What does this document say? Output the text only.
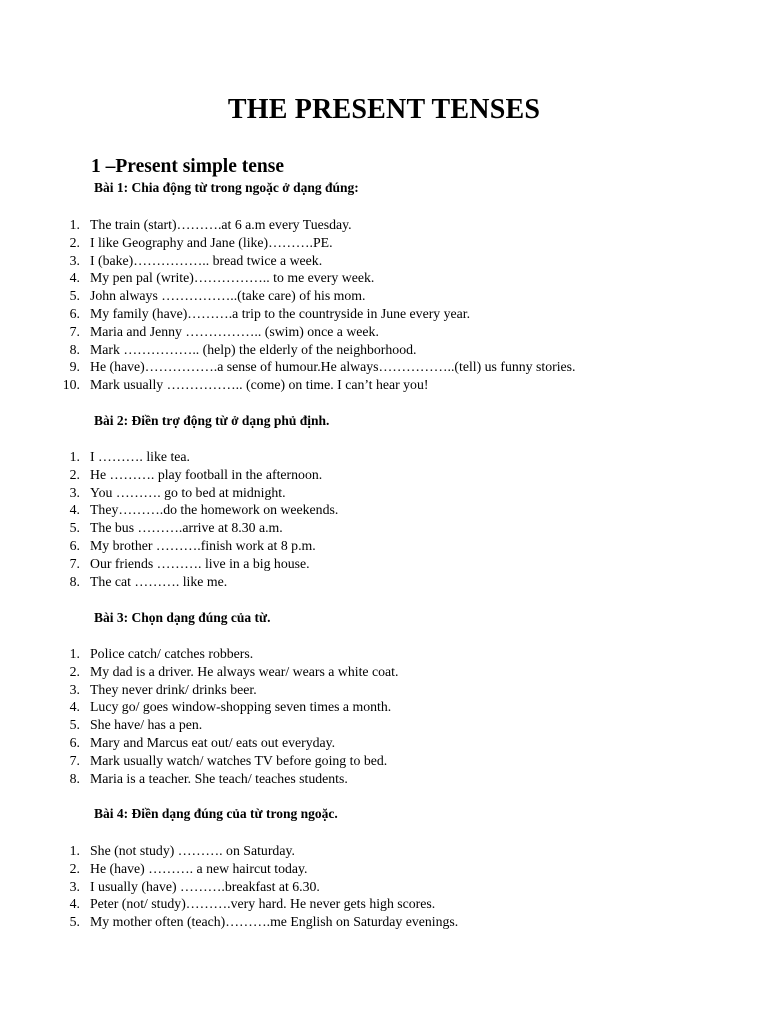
THE PRESENT TENSES
1 –Present simple tense
Bài 1: Chia động từ trong ngoặc ở dạng đúng:
1. The train (start)……….at 6 a.m every Tuesday.
2. I like Geography and Jane (like)……….PE.
3. I (bake)…………….. bread twice a week.
4. My pen pal (write)…………….. to me every week.
5. John always ……………..(take care) of his mom.
6. My family (have)……….a trip to the countryside in June every year.
7. Maria and Jenny …………….. (swim) once a week.
8. Mark …………….. (help) the elderly of the neighborhood.
9. He (have)…………….a sense of humour.He always……………..(tell) us funny stories.
10. Mark usually …………….. (come) on time. I can’t hear you!
Bài 2: Điền trợ động từ ở dạng phủ định.
1. I ………. like tea.
2. He ………. play football in the afternoon.
3. You ………. go to bed at midnight.
4. They……….do the homework on weekends.
5. The bus ……….arrive at 8.30 a.m.
6. My brother ……….finish work at 8 p.m.
7. Our friends ………. live in a big house.
8. The cat ………. like me.
Bài 3: Chọn dạng đúng của từ.
1. Police catch/ catches robbers.
2. My dad is a driver. He always wear/ wears a white coat.
3. They never drink/ drinks beer.
4. Lucy go/ goes window-shopping seven times a month.
5. She have/ has a pen.
6. Mary and Marcus eat out/ eats out everyday.
7. Mark usually watch/ watches TV before going to bed.
8. Maria is a teacher. She teach/ teaches students.
Bài 4: Điền dạng đúng của từ trong ngoặc.
1. She (not study) ………. on Saturday.
2. He (have) ………. a new haircut today.
3. I usually (have) ……….breakfast at 6.30.
4. Peter (not/ study)……….very hard. He never gets high scores.
5. My mother often (teach)……….me English on Saturday evenings.
